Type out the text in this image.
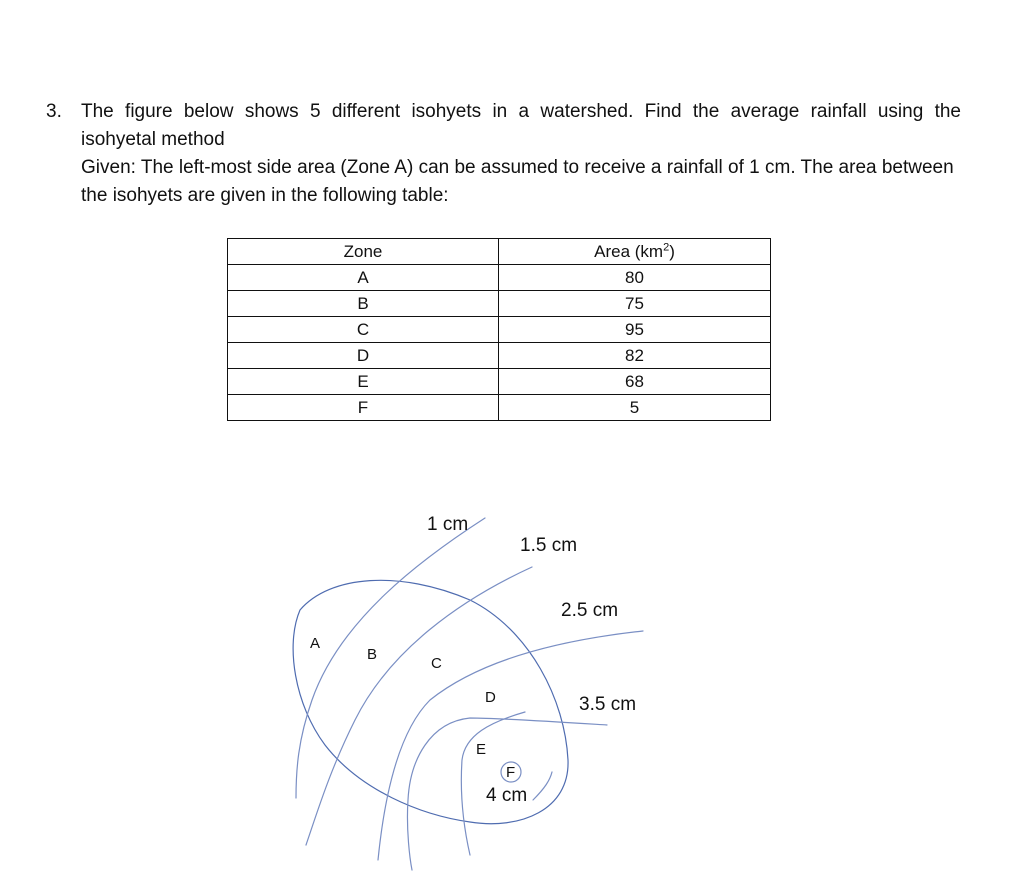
3. The figure below shows 5 different isohyets in a watershed. Find the average rainfall using the
isohyetal method
Given: The left-most side area (Zone A) can be assumed to receive a rainfall of 1 cm. The area between
the isohyets are given in the following table:
Zone	Area $(km^2)$
A	80
B	75
C	95
D	82
E	68
F	5
1 cm
1.5 cm
2.5 cm
3.5 cm
4 cm
A
B
C
D
E
F
